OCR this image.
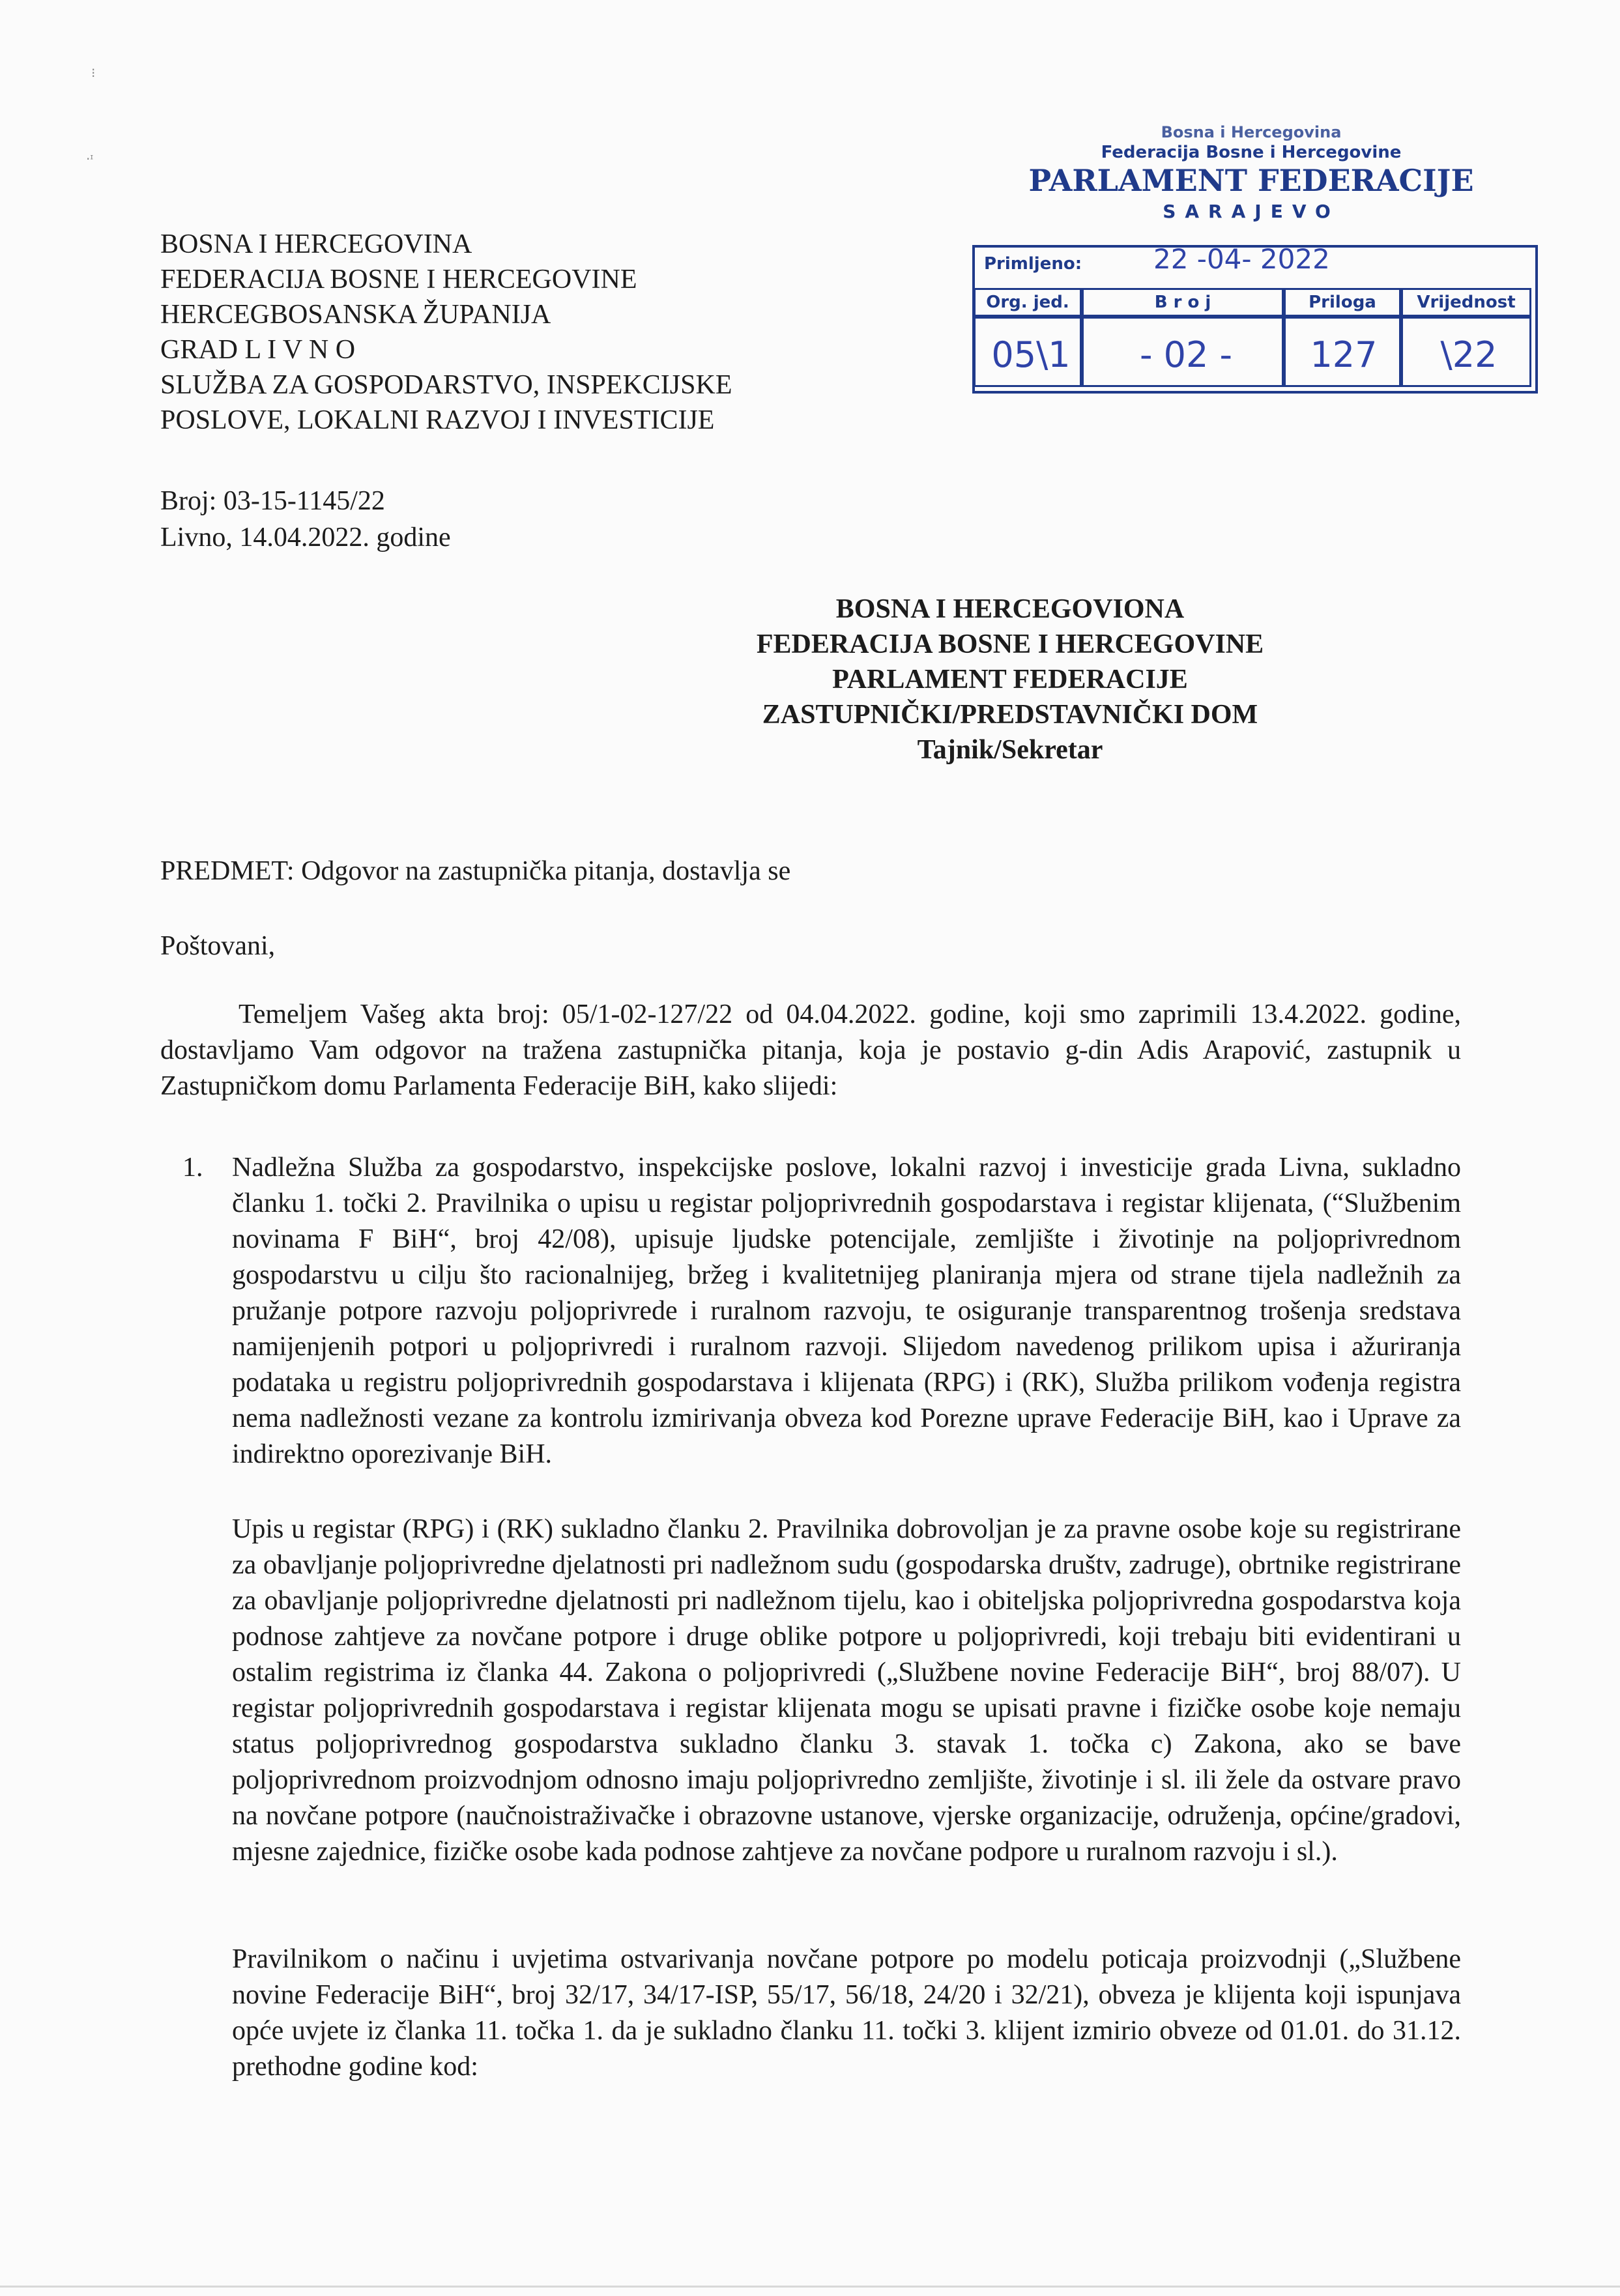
⁝
·ᶦ
Bosna i Hercegovina
Federacija Bosne i Hercegovine
PARLAMENT FEDERACIJE
SARAJEVO
Primljeno:	22 -04- 2022
Org. jed.	B r o j	Priloga	Vrijednost
05\1	- 02 -	127	\22
BOSNA I HERCEGOVINA
FEDERACIJA BOSNE I HERCEGOVINE
HERCEGBOSANSKA ŽUPANIJA
GRAD L I V N O
SLUŽBA ZA GOSPODARSTVO, INSPEKCIJSKE
POSLOVE, LOKALNI RAZVOJ I INVESTICIJE
Broj: 03-15-1145/22
Livno, 14.04.2022. godine
BOSNA I HERCEGOVIONA
FEDERACIJA BOSNE I HERCEGOVINE
PARLAMENT FEDERACIJE
ZASTUPNIČKI/PREDSTAVNIČKI DOM
Tajnik/Sekretar
PREDMET: Odgovor na zastupnička pitanja, dostavlja se
Poštovani,
Temeljem Vašeg akta broj: 05/1-02-127/22 od 04.04.2022. godine, koji smo zaprimili 13.4.2022. godine, dostavljamo Vam odgovor na tražena zastupnička pitanja, koja je postavio g-din Adis Arapović, zastupnik u Zastupničkom domu Parlamenta Federacije BiH, kako slijedi:
1. Nadležna Služba za gospodarstvo, inspekcijske poslove, lokalni razvoj i investicije grada Livna, sukladno članku 1. točki 2. Pravilnika o upisu u registar poljoprivrednih gospodarstava i registar klijenata, (“Službenim novinama F BiH“, broj 42/08), upisuje ljudske potencijale, zemljište i životinje na poljoprivrednom gospodarstvu u cilju što racionalnijeg, bržeg i kvalitetnijeg planiranja mjera od strane tijela nadležnih za pružanje potpore razvoju poljoprivrede i ruralnom razvoju, te osiguranje transparentnog trošenja sredstava namijenjenih potpori u poljoprivredi i ruralnom razvoji. Slijedom navedenog prilikom upisa i ažuriranja podataka u registru poljoprivrednih gospodarstava i klijenata (RPG) i (RK), Služba prilikom vođenja registra nema nadležnosti vezane za kontrolu izmirivanja obveza kod Porezne uprave Federacije BiH, kao i Uprave za indirektno oporezivanje BiH.
Upis u registar (RPG) i (RK) sukladno članku 2. Pravilnika dobrovoljan je za pravne osobe koje su registrirane za obavljanje poljoprivredne djelatnosti pri nadležnom sudu (gospodarska društv, zadruge), obrtnike registrirane za obavljanje poljoprivredne djelatnosti pri nadležnom tijelu, kao i obiteljska poljoprivredna gospodarstva koja podnose zahtjeve za novčane potpore i druge oblike potpore u poljoprivredi, koji trebaju biti evidentirani u ostalim registrima iz članka 44. Zakona o poljoprivredi („Službene novine Federacije BiH“, broj 88/07). U registar poljoprivrednih gospodarstava i registar klijenata mogu se upisati pravne i fizičke osobe koje nemaju status poljoprivrednog gospodarstva sukladno članku 3. stavak 1. točka c) Zakona, ako se bave poljoprivrednom proizvodnjom odnosno imaju poljoprivredno zemljište, životinje i sl. ili žele da ostvare pravo na novčane potpore (naučnoistraživačke i obrazovne ustanove, vjerske organizacije, odruženja, općine/gradovi, mjesne zajednice, fizičke osobe kada podnose zahtjeve za novčane podpore u ruralnom razvoju i sl.).
Pravilnikom o načinu i uvjetima ostvarivanja novčane potpore po modelu poticaja proizvodnji („Službene novine Federacije BiH“, broj 32/17, 34/17-ISP, 55/17, 56/18, 24/20 i 32/21), obveza je klijenta koji ispunjava opće uvjete iz članka 11. točka 1. da je sukladno članku 11. točki 3. klijent izmirio obveze od 01.01. do 31.12. prethodne godine kod:
